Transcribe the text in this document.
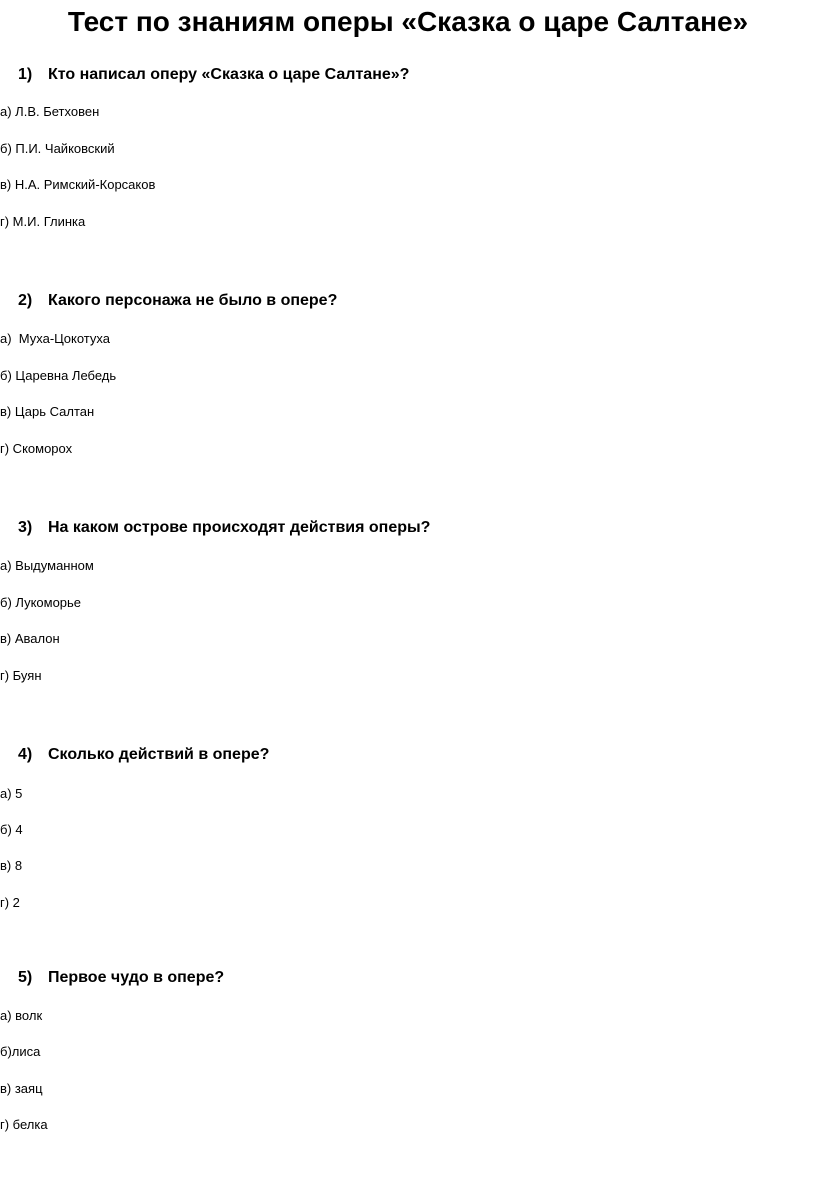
Тест по знаниям оперы «Сказка о царе Салтане»
1) Кто написал оперу «Сказка о царе Салтане»?
а) Л.В. Бетховен
б) П.И. Чайковский
в) Н.А. Римский-Корсаков
г) М.И. Глинка
2) Какого персонажа не было в опере?
а)  Муха-Цокотуха
б) Царевна Лебедь
в) Царь Салтан
г) Скоморох
3) На каком острове происходят действия оперы?
а) Выдуманном
б) Лукоморье
в) Авалон
г) Буян
4) Сколько действий в опере?
а) 5
б) 4
в) 8
г) 2
5) Первое чудо в опере?
а) волк
б)лиса
в) заяц
г) белка
